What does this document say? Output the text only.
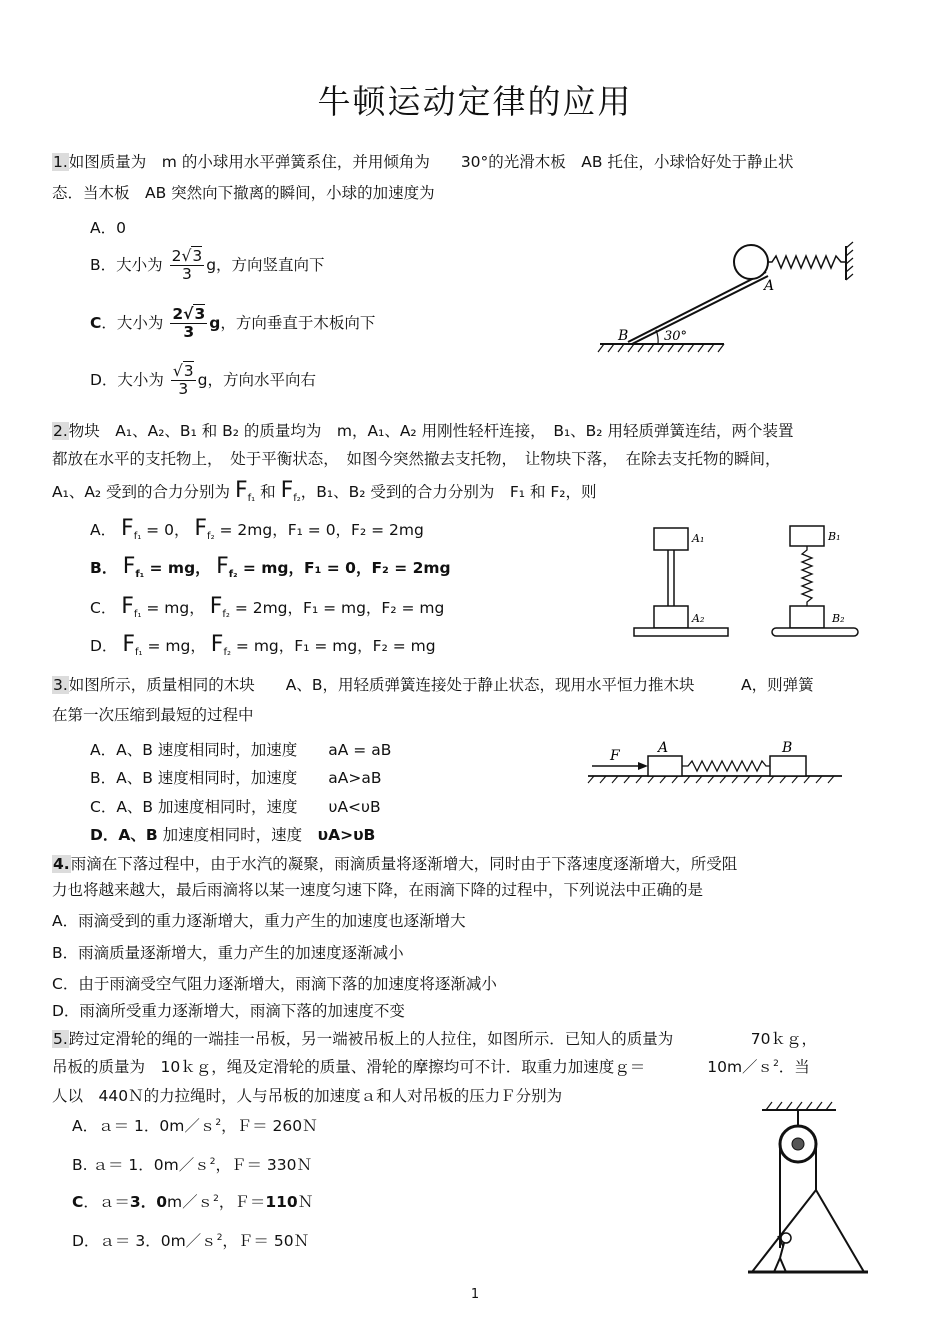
牛顿运动定律的应用
1.如图质量为　m 的小球用水平弹簧系住，并用倾角为　　30°的光滑木板　AB 托住，小球恰好处于静止状
态．当木板　AB 突然向下撤离的瞬间，小球的加速度为
A．0
B．大小为 $\frac{2√3}{3}$ g，方向竖直向下
C．大小为 $\frac{2√3}{3}$ g，方向垂直于木板向下
D．大小为 $\frac{√3}{3}$ g，方向水平向右
A
B	30°
2.物块　A₁、A₂、B₁ 和 B₂ 的质量均为　m，A₁、A₂ 用刚性轻杆连接，　B₁、B₂ 用轻质弹簧连结，两个装置
都放在水平的支托物上，　处于平衡状态，　如图今突然撤去支托物，　让物块下落，　在除去支托物的瞬间，
A₁、A₂ 受到的合力分别为 $F_{f_1}$ 和 $F_{f_2}$，B₁、B₂ 受到的合力分别为　F₁ 和 F₂，则
A． $F_{f_1} = 0$， $F_{f_2} = 2mg$，F₁ = 0，F₂ = 2mg
B． $F_{f_1}$ = mg， $F_{f_2}$ = mg，F₁ = 0，F₂ = 2mg
C． $F_{f_1}$ = mg， $F_{f_2} = 2mg$，F₁ = mg，F₂ = mg
D． $F_{f_1}$ = mg， $F_{f_2}$ = mg，F₁ = mg，F₂ = mg
A₁
A₂
B₁
B₂
3.如图所示，质量相同的木块　　A、B，用轻质弹簧连接处于静止状态，现用水平恒力推木块　　　A，则弹簧
在第一次压缩到最短的过程中
A．A、B 速度相同时，加速度　　aA = aB
B．A、B 速度相同时，加速度　　aA>aB
C．A、B 加速度相同时，速度　　υA<υB
D．A、B 加速度相同时，速度　υA>υB
F	A	B
4.雨滴在下落过程中，由于水汽的凝聚，雨滴质量将逐渐增大，同时由于下落速度逐渐增大，所受阻
力也将越来越大，最后雨滴将以某一速度匀速下降，在雨滴下降的过程中，下列说法中正确的是
A．雨滴受到的重力逐渐增大，重力产生的加速度也逐渐增大
B．雨滴质量逐渐增大，重力产生的加速度逐渐减小
C．由于雨滴受空气阻力逐渐增大，雨滴下落的加速度将逐渐减小
D．雨滴所受重力逐渐增大，雨滴下落的加速度不变
5.跨过定滑轮的绳的一端挂一吊板，另一端被吊板上的人拉住，如图所示．已知人的质量为　　　　　70ｋｇ，
吊板的质量为　10ｋｇ，绳及定滑轮的质量、滑轮的摩擦均可不计．取重力加速度ｇ＝　　　　10m／ｓ$^2$．当
人以　440Ｎ的力拉绳时，人与吊板的加速度ａ和人对吊板的压力Ｆ分别为
A．ａ＝ 1．0m／ｓ$^2$，Ｆ＝ 260Ｎ
B. ａ＝ 1．0m／ｓ$^2$，Ｆ＝ 330Ｎ
C．ａ＝3．0m／ｓ$^2$，Ｆ＝110Ｎ
D．ａ＝ 3．0m／ｓ$^2$，Ｆ＝ 50Ｎ
1
